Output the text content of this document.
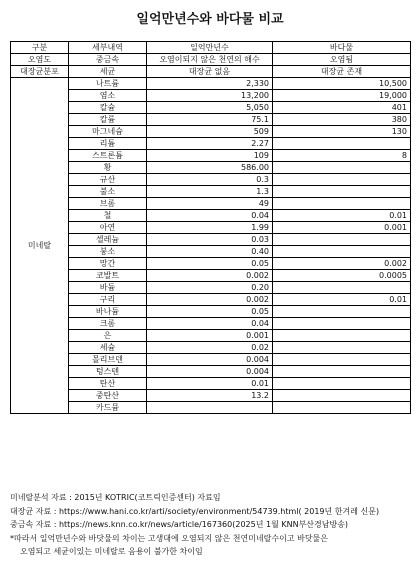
일억만년수와 바다물 비교
구분	세부내역	일억만년수	바다물
오염도	중금속	오염이되지 않은 천연의 해수	오염됨
대장균분포	세균	대장균 없음	대장균 존재
미네랄	나트륨	2,330	10,500
	염소	13,200	19,000
	칼슘	5,050	401
	칼륨	75.1	380
	마그네슘	509	130
	리튬	2.27	
	스트론튬	109	8
	황	586.00	
	규산	0.3	
	불소	1.3	
	브롬	49	
	철	0.04	0.01
	아연	1.99	0.001
	셀레늄	0.03	
	붕소	0.40	
	망간	0.05	0.002
	코발트	0.002	0.0005
	바듐	0.20	
	구리	0.002	0.01
	바나듐	0.05	
	크롬	0.04	
	은	0.001	
	세슘	0.02	
	몰리브덴	0.004	
	텅스텐	0.004	
	탄산	0.01	
	중탄산	13.2	
	카드뮴		
미네랄분석 자료 : 2015년 KOTRIC(코트릭인증센터) 자료임
대장균 자료 : https://www.hani.co.kr/arti/society/environment/54739.html( 2019년 한겨레 신문)
중금속 자료 : https://news.knn.co.kr/news/article/167360(2025년 1월 KNN부산경남방송)
*따라서 일억만년수와 바닷물의 차이는 고생대에 오염되지 않은 천연미네랄수이고 바닷물은
오염되고 세균이있는 미네랄로 음용이 불가한 차이임
